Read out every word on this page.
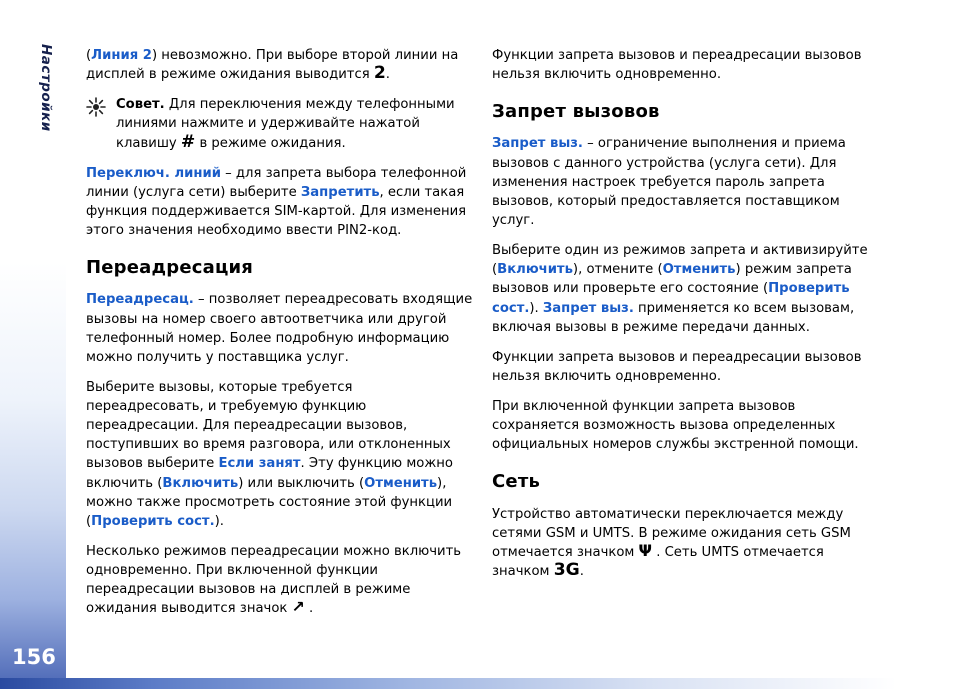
Настройки
156

(Линия 2) невозможно. При выборе второй линии на дисплей в режиме ожидания выводится 2.

Совет. Для переключения между телефонными линиями нажмите и удерживайте нажатой клавишу # в режиме ожидания.

Переключ. линий – для запрета выбора телефонной линии (услуга сети) выберите Запретить, если такая функция поддерживается SIM-картой. Для изменения этого значения необходимо ввести PIN2-код.

Переадресация

Переадресац. – позволяет переадресовать входящие вызовы на номер своего автоответчика или другой телефонный номер. Более подробную информацию можно получить у поставщика услуг.

Выберите вызовы, которые требуется переадресовать, и требуемую функцию переадресации. Для переадресации вызовов, поступивших во время разговора, или отклоненных вызовов выберите Если занят. Эту функцию можно включить (Включить) или выключить (Отменить), можно также просмотреть состояние этой функции (Проверить сост.).

Несколько режимов переадресации можно включить одновременно. При включенной функции переадресации вызовов на дисплей в режиме ожидания выводится значок ↗ .

Функции запрета вызовов и переадресации вызовов нельзя включить одновременно.

Запрет вызовов

Запрет выз. – ограничение выполнения и приема вызовов с данного устройства (услуга сети). Для изменения настроек требуется пароль запрета вызовов, который предоставляется поставщиком услуг.

Выберите один из режимов запрета и активизируйте (Включить), отмените (Отменить) режим запрета вызовов или проверьте его состояние (Проверить сост.). Запрет выз. применяется ко всем вызовам, включая вызовы в режиме передачи данных.

Функции запрета вызовов и переадресации вызовов нельзя включить одновременно.

При включенной функции запрета вызовов сохраняется возможность вызова определенных официальных номеров службы экстренной помощи.

Сеть

Устройство автоматически переключается между сетями GSM и UMTS. В режиме ожидания сеть GSM отмечается значком Ψ . Сеть UMTS отмечается значком 3G.
